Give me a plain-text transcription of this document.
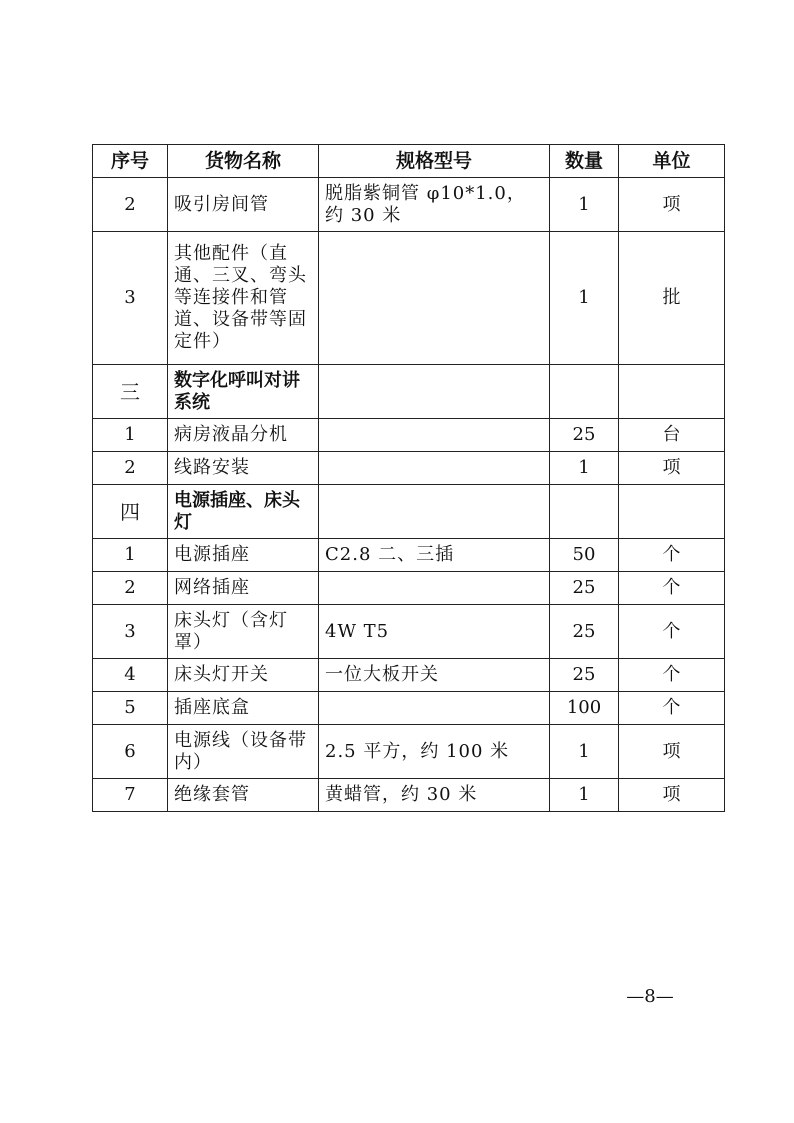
序号	货物名称	规格型号	数量	单位
2	吸引房间管	脱脂紫铜管 φ10*1.0，约 30 米	1	项
3	其他配件（直通、三叉、弯头等连接件和管道、设备带等固定件）		1	批
三	数字化呼叫对讲系统			
1	病房液晶分机		25	台
2	线路安装		1	项
四	电源插座、床头灯			
1	电源插座	C2.8 二、三插	50	个
2	网络插座		25	个
3	床头灯（含灯罩）	4W T5	25	个
4	床头灯开关	一位大板开关	25	个
5	插座底盒		100	个
6	电源线（设备带内）	2.5 平方，约 100 米	1	项
7	绝缘套管	黄蜡管，约 30 米	1	项
—8—
